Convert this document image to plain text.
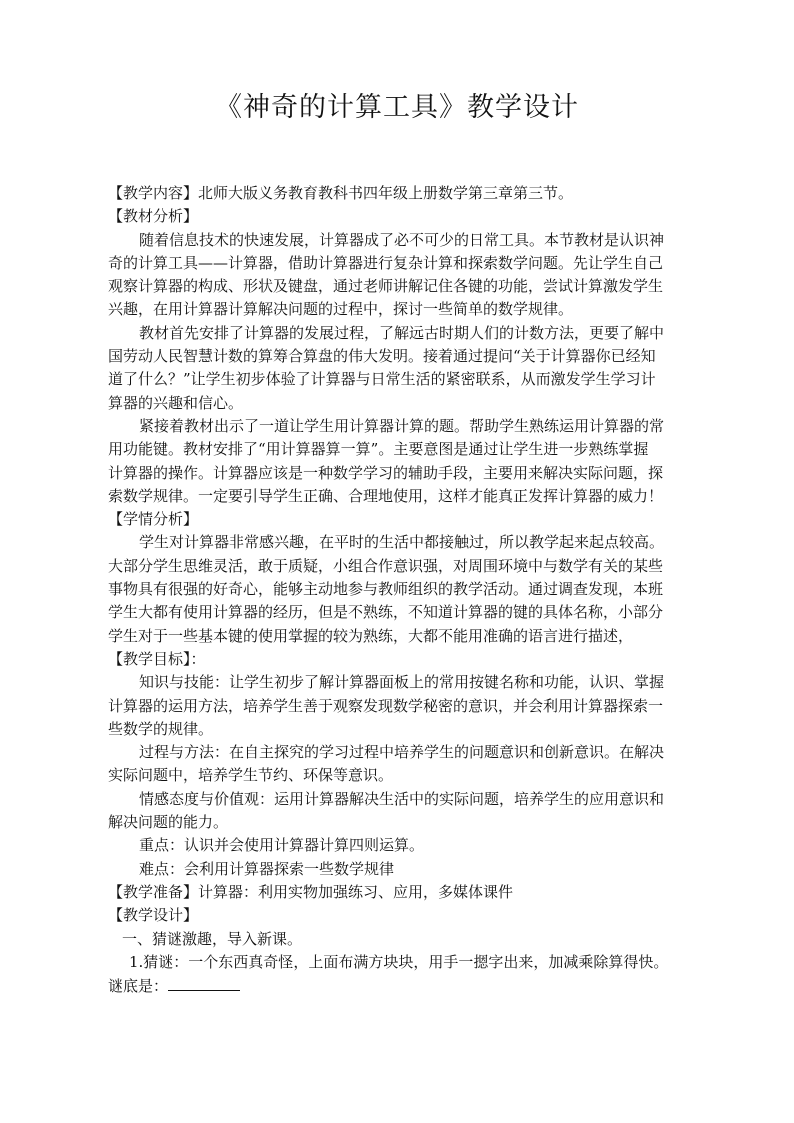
《神奇的计算工具》教学设计
【教学内容】北师大版义务教育教科书四年级上册数学第三章第三节。
【教材分析】
随着信息技术的快速发展，计算器成了必不可少的日常工具。本节教材是认识神
奇的计算工具——计算器，借助计算器进行复杂计算和探索数学问题。先让学生自己
观察计算器的构成、形状及键盘，通过老师讲解记住各键的功能，尝试计算激发学生
兴趣，在用计算器计算解决问题的过程中，探讨一些简单的数学规律。
教材首先安排了计算器的发展过程，了解远古时期人们的计数方法，更要了解中
国劳动人民智慧计数的算筹合算盘的伟大发明。接着通过提问“关于计算器你已经知
道了什么？”让学生初步体验了计算器与日常生活的紧密联系，从而激发学生学习计
算器的兴趣和信心。
紧接着教材出示了一道让学生用计算器计算的题。帮助学生熟练运用计算器的常
用功能键。教材安排了“用计算器算一算”。主要意图是通过让学生进一步熟练掌握
计算器的操作。计算器应该是一种数学学习的辅助手段，主要用来解决实际问题，探
索数学规律。一定要引导学生正确、合理地使用，这样才能真正发挥计算器的威力！
【学情分析】
学生对计算器非常感兴趣，在平时的生活中都接触过，所以教学起来起点较高。
大部分学生思维灵活，敢于质疑，小组合作意识强，对周围环境中与数学有关的某些
事物具有很强的好奇心，能够主动地参与教师组织的教学活动。通过调查发现，本班
学生大都有使用计算器的经历，但是不熟练，不知道计算器的键的具体名称，小部分
学生对于一些基本键的使用掌握的较为熟练，大都不能用准确的语言进行描述，
【教学目标】：
知识与技能：让学生初步了解计算器面板上的常用按键名称和功能，认识、掌握
计算器的运用方法，培养学生善于观察发现数学秘密的意识，并会利用计算器探索一
些数学的规律。
过程与方法：在自主探究的学习过程中培养学生的问题意识和创新意识。在解决
实际问题中，培养学生节约、环保等意识。
情感态度与价值观：运用计算器解决生活中的实际问题，培养学生的应用意识和
解决问题的能力。
重点：认识并会使用计算器计算四则运算。
难点：会利用计算器探索一些数学规律
【教学准备】计算器：利用实物加强练习、应用，多媒体课件
【教学设计】
一、猜谜激趣，导入新课。
1.猜谜：一个东西真奇怪，上面布满方块块，用手一摁字出来，加减乘除算得快。
谜底是：
